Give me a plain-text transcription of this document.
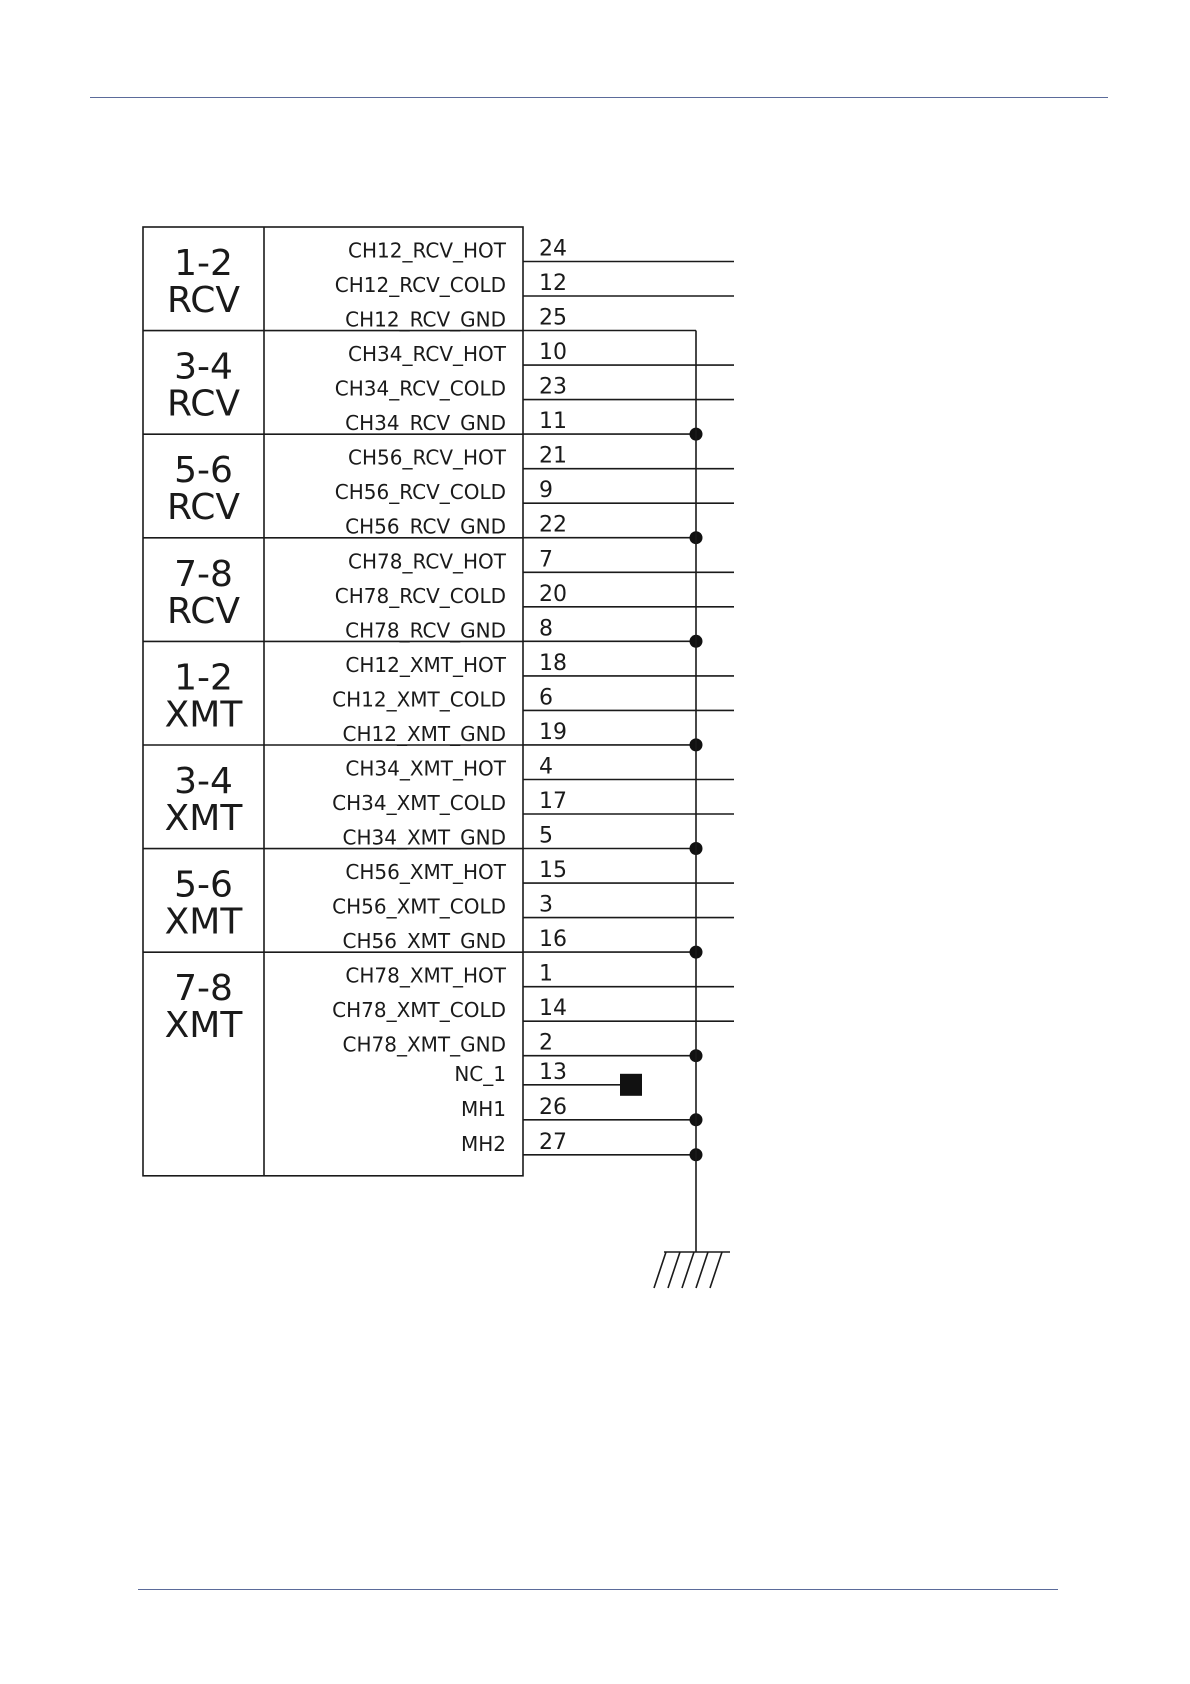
1-2
RCV
CH12_RCV_HOT 24
CH12_RCV_COLD 12
CH12_RCV_GND 25
3-4
RCV
CH34_RCV_HOT 10
CH34_RCV_COLD 23
CH34_RCV_GND 11
5-6
RCV
CH56_RCV_HOT 21
CH56_RCV_COLD 9
CH56_RCV_GND 22
7-8
RCV
CH78_RCV_HOT 7
CH78_RCV_COLD 20
CH78_RCV_GND 8
1-2
XMT
CH12_XMT_HOT 18
CH12_XMT_COLD 6
CH12_XMT_GND 19
3-4
XMT
CH34_XMT_HOT 4
CH34_XMT_COLD 17
CH34_XMT_GND 5
5-6
XMT
CH56_XMT_HOT 15
CH56_XMT_COLD 3
CH56_XMT_GND 16
7-8
XMT
CH78_XMT_HOT 1
CH78_XMT_COLD 14
CH78_XMT_GND 2
NC_1 13
MH1 26
MH2 27
